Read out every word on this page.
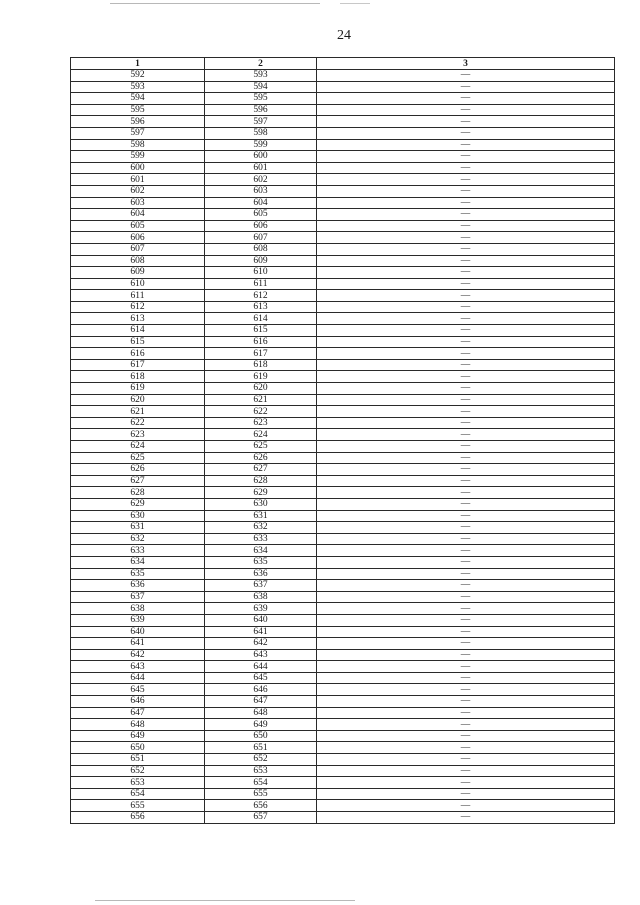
24
1	2	3
592	593	—
593	594	—
594	595	—
595	596	—
596	597	—
597	598	—
598	599	—
599	600	—
600	601	—
601	602	—
602	603	—
603	604	—
604	605	—
605	606	—
606	607	—
607	608	—
608	609	—
609	610	—
610	611	—
611	612	—
612	613	—
613	614	—
614	615	—
615	616	—
616	617	—
617	618	—
618	619	—
619	620	—
620	621	—
621	622	—
622	623	—
623	624	—
624	625	—
625	626	—
626	627	—
627	628	—
628	629	—
629	630	—
630	631	—
631	632	—
632	633	—
633	634	—
634	635	—
635	636	—
636	637	—
637	638	—
638	639	—
639	640	—
640	641	—
641	642	—
642	643	—
643	644	—
644	645	—
645	646	—
646	647	—
647	648	—
648	649	—
649	650	—
650	651	—
651	652	—
652	653	—
653	654	—
654	655	—
655	656	—
656	657	—
